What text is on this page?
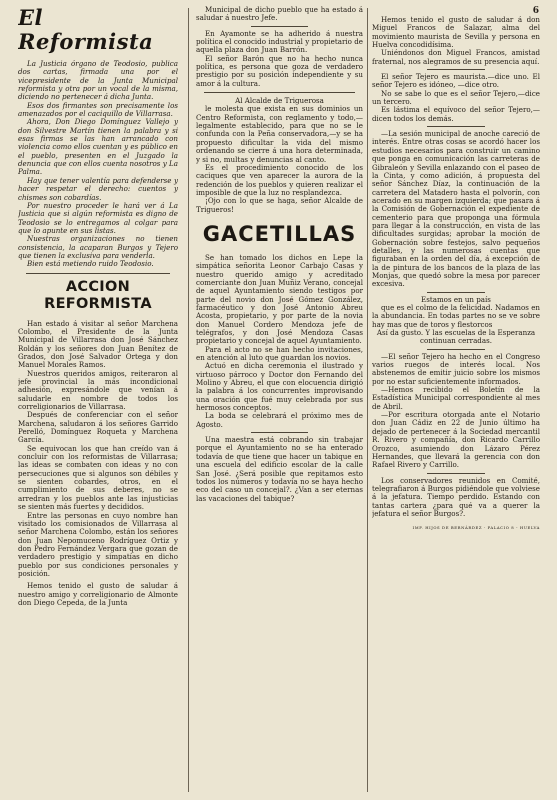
6
El Reformista

La Justicia órgano de Teodosio, publica dos cartas, firmada una por el vicepresidente de la Junta Municipal reformista y otra por un vocal de la misma, diciendo no pertenecer á dicha Junta.

Esos dos firmantes son precisamente los amenazados por el caciquillo de Villarrasa.

Ahora, Don Diego Domínguez Vallejo y don Silvestre Martín tienen la palabra y si esas firmas se las han arrancado con violencia como ellos cuentan y es público en el pueblo, presenten en el Juzgado la denuncia que con ellos cuenta nosotros y La Palma.

Hay que tener valentía para defenderse y hacer respetar el derecho: cuentos y chismes son cobardías.

Por nuestro proceder le hará ver á La Justicia que si algún reformista es digno de Teodosio se lo entregamos al colgar para que lo apunte en sus listas.

Nuestras organizaciones no tienen consistencia, la acaparan Burgos y Tejero que tienen la exclusiva para venderla.

Bien está metiendo ruido Teodosio.

ACCION REFORMISTA

Han estado á visitar al señor Marchena Colombo, el Presidente de la Junta Municipal de Villarrasa don José Sánchez Roldán y los señores don Juan Benítez de Grados, don José Salvador Ortega y don Manuel Morales Ramos.

Nuestros queridos amigos, reiteraron al jefe provincial la más incondicional adhesión, expresándole que venían á saludarle en nombre de todos los correligionarios de Villarrasa.

Después de conferenciar con el señor Marchena, saludaron á los señores Garrido Perelló, Domínguez Roqueta y Marchena García.

Se equivocan los que han creído van á concluir con los reformistas de Villarrasa; las ideas se combaten con ideas y no con persecuciones que si algunos son débiles y se sienten cobardes, otros, en el cumplimiento de sus deberes, no se arredran y los pueblos ante las injusticias se sienten más fuertes y decididos.

Entre las personas en cuyo nombre han visitado los comisionados de Villarrasa al señor Marchena Colombo, están los señores don Juan Nepomuceno Rodríguez Ortiz y don Pedro Fernández Vergara que gozan de verdadero prestigio y simpatías en dicho pueblo por sus condiciones personales y posición.

Hemos tenido el gusto de saludar á nuestro amigo y correligionario de Almonte don Diego Cepeda, de la Junta

Municipal de dicho pueblo que ha estado á saludar á nuestro Jefe.

En Ayamonte se ha adherido á nuestra política el conocido industrial y propietario de aquella plaza don Juan Barrón.

El señor Barón que no ha hecho nunca política, es persona que goza de verdadero prestigio por su posición independiente y su amor á la cultura.

Al Alcalde de Triguerosa

le molesta que exista en sus dominios un Centro Reformista, con reglamento y todo,—legalmente establecido, para que no se le confunda con la Peña conservadora,—y se ha propuesto dificultar la vida del mismo ordenando se cierre á una hora determinada, y si no, multas y denuncias al canto.

Es el procedimiento conocido de los caciques que ven aparecer la aurora de la redención de los pueblos y quieren realizar el imposible de que la luz no resplandezca.

¡Ojo con lo que se haga, señor Alcalde de Trigueros!

GACETILLAS

Se han tomado los dichos en Lepe la simpática señorita Leonor Carbajo Casas y nuestro querido amigo y acreditado comerciante don Juan Muñiz Verano, concejal de aquel Ayuntamiento siendo testigos por parte del novio don José Gómez González, farmacéutico y don José Antonio Abreu Acosta, propietario, y por parte de la novia don Manuel Cordero Mendoza jefe de telégrafos, y don José Mendoza Casas propietario y concejal de aquel Ayuntamiento.

Para el acto no se han hecho invitaciones, en atención al luto que guardan los novios.

Actuó en dicha ceremonia el ilustrado y virtuoso párroco y Doctor don Fernando del Molino y Abreu, el que con elocuencia dirigió la palabra á los concurrentes improvisando una oración que fué muy celebrada por sus hermosos conceptos.

La boda se celebrará el próximo mes de Agosto.

Una maestra está cobrando sin trabajar porque el Ayuntamiento no se ha enterado todavía de que tiene que hacer un tabique en una escuela del edificio escolar de la calle San José. ¿Será posible que repitamos esto todos los números y todavía no se haya hecho eco del caso un concejal?. ¿Van a ser eternas las vacaciones del tabique?

Hemos tenido el gusto de saludar á don Miguel Francos de Salazar, alma del movimiento maurista de Sevilla y persona en Huelva concodidísima.

Uniéndonos don Miguel Francos, amistad fraternal, nos alegramos de su presencia aquí.

El señor Tejero es maurista.—dice uno. El señor Tejero es idóneo, —dice otro.

No se sabe lo que es el señor Tejero,—dice un tercero.

Es lástima el equívoco del señor Tejero,—dicen todos los demás.

—La sesión municipal de anoche careció de interés. Entre otras cosas se acordó hacer los estudios necesarios para construir un camino que ponga en comunicación las carreteras de Gibraleón y Sevilla enlazando con el paseo de la Cinta, y como adición, á propuesta del señor Sánchez Díaz, la continuación de la carretera del Matadero hasta el polvorín, con acerado en su margen izquierda; que pasara á la Comisión de Gobernación el expediente de cementerio para que proponga una fórmula para llegar á la construcción, en vista de las dificultades surgidas; aprobar la moción de Gobernación sobre festejos, salvo pequeños detalles, y las numerosas cuentas que figuraban en la orden del día, á excepción de la de pintura de los bancos de la plaza de las Monjas, que quedó sobre la mesa por parecer excesiva.

Estamos en un país

que es el colmo de la felicidad. Nadamos en la abundancia. En todas partes no se ve sobre hay mas que de toros y flestorcos

Así da gusto. Y las escuelas de la Esperanza continuan cerradas.

—El señor Tejero ha hecho en el Congreso varios ruegos de interés local. Nos abstenemos de emitir juicio sobre los mismos por no estar suficientemente informados.

—Hemos recibido el Boletín de la Estadística Municipal correspondiente al mes de Abril.

—Por escritura otorgada ante el Notario don Juan Cádiz en 22 de Junio último ha dejado de pertenecer á la Sociedad mercantil R. Rivero y compañía, don Ricardo Carrillo Orozco, asumiendo don Lázaro Pérez Hernandes, que llevará la gerencia con don Rafael Rivero y Carrillo.

Los conservadores reunidos en Comité, telegrafiaron á Burgos pidiéndole que volviese á la jefatura. Tiempo perdido. Estando con tantas cartera ¿para qué va a querer la jefatura el señor Burgos?.

IMP. HIJOS DE BERNÁRDEZ - PALACIO 8 - HUELVA
